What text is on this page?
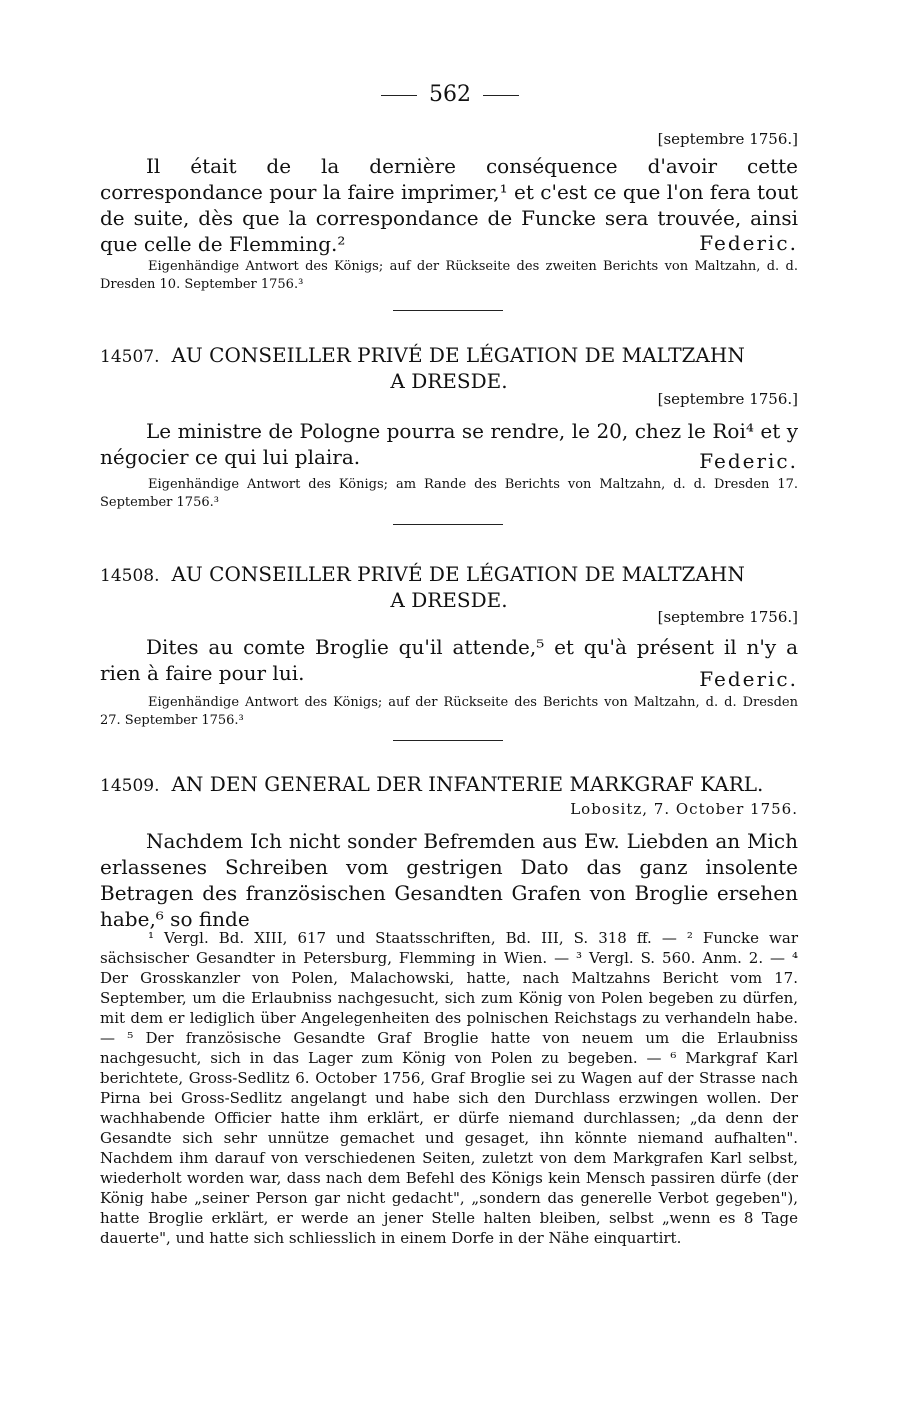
562
[septembre 1756.]
Il était de la dernière conséquence d'avoir cette correspondance pour la faire imprimer,¹ et c'est ce que l'on fera tout de suite, dès que la correspondance de Funcke sera trouvée, ainsi que celle de Flemming.²	Federic.
Eigenhändige Antwort des Königs; auf der Rückseite des zweiten Berichts von Maltzahn, d. d. Dresden 10. September 1756.³
14507. AU CONSEILLER PRIVÉ DE LÉGATION DE MALTZAHN
A DRESDE.
[septembre 1756.]
Le ministre de Pologne pourra se rendre, le 20, chez le Roi⁴ et y négocier ce qui lui plaira.	Federic.
Eigenhändige Antwort des Königs; am Rande des Berichts von Maltzahn, d. d. Dresden 17. September 1756.³
14508. AU CONSEILLER PRIVÉ DE LÉGATION DE MALTZAHN
A DRESDE.
[septembre 1756.]
Dites au comte Broglie qu'il attende,⁵ et qu'à présent il n'y a rien à faire pour lui.	Federic.
Eigenhändige Antwort des Königs; auf der Rückseite des Berichts von Maltzahn, d. d. Dresden 27. September 1756.³
14509. AN DEN GENERAL DER INFANTERIE MARKGRAF KARL.
Lobositz, 7. October 1756.
Nachdem Ich nicht sonder Befremden aus Ew. Liebden an Mich erlassenes Schreiben vom gestrigen Dato das ganz insolente Betragen des französischen Gesandten Grafen von Broglie ersehen habe,⁶ so finde
¹ Vergl. Bd. XIII, 617 und Staatsschriften, Bd. III, S. 318 ff. — ² Funcke war sächsischer Gesandter in Petersburg, Flemming in Wien. — ³ Vergl. S. 560. Anm. 2. — ⁴ Der Grosskanzler von Polen, Malachowski, hatte, nach Maltzahns Bericht vom 17. September, um die Erlaubniss nachgesucht, sich zum König von Polen begeben zu dürfen, mit dem er lediglich über Angelegenheiten des polnischen Reichstags zu verhandeln habe. — ⁵ Der französische Gesandte Graf Broglie hatte von neuem um die Erlaubniss nachgesucht, sich in das Lager zum König von Polen zu begeben. — ⁶ Markgraf Karl berichtete, Gross-Sedlitz 6. October 1756, Graf Broglie sei zu Wagen auf der Strasse nach Pirna bei Gross-Sedlitz angelangt und habe sich den Durchlass erzwingen wollen. Der wachhabende Officier hatte ihm erklärt, er dürfe niemand durchlassen; „da denn der Gesandte sich sehr unnütze gemachet und gesaget, ihn könnte niemand aufhalten". Nachdem ihm darauf von verschiedenen Seiten, zuletzt von dem Markgrafen Karl selbst, wiederholt worden war, dass nach dem Befehl des Königs kein Mensch passiren dürfe (der König habe „seiner Person gar nicht gedacht", „sondern das generelle Verbot gegeben"), hatte Broglie erklärt, er werde an jener Stelle halten bleiben, selbst „wenn es 8 Tage dauerte", und hatte sich schliesslich in einem Dorfe in der Nähe einquartirt.
